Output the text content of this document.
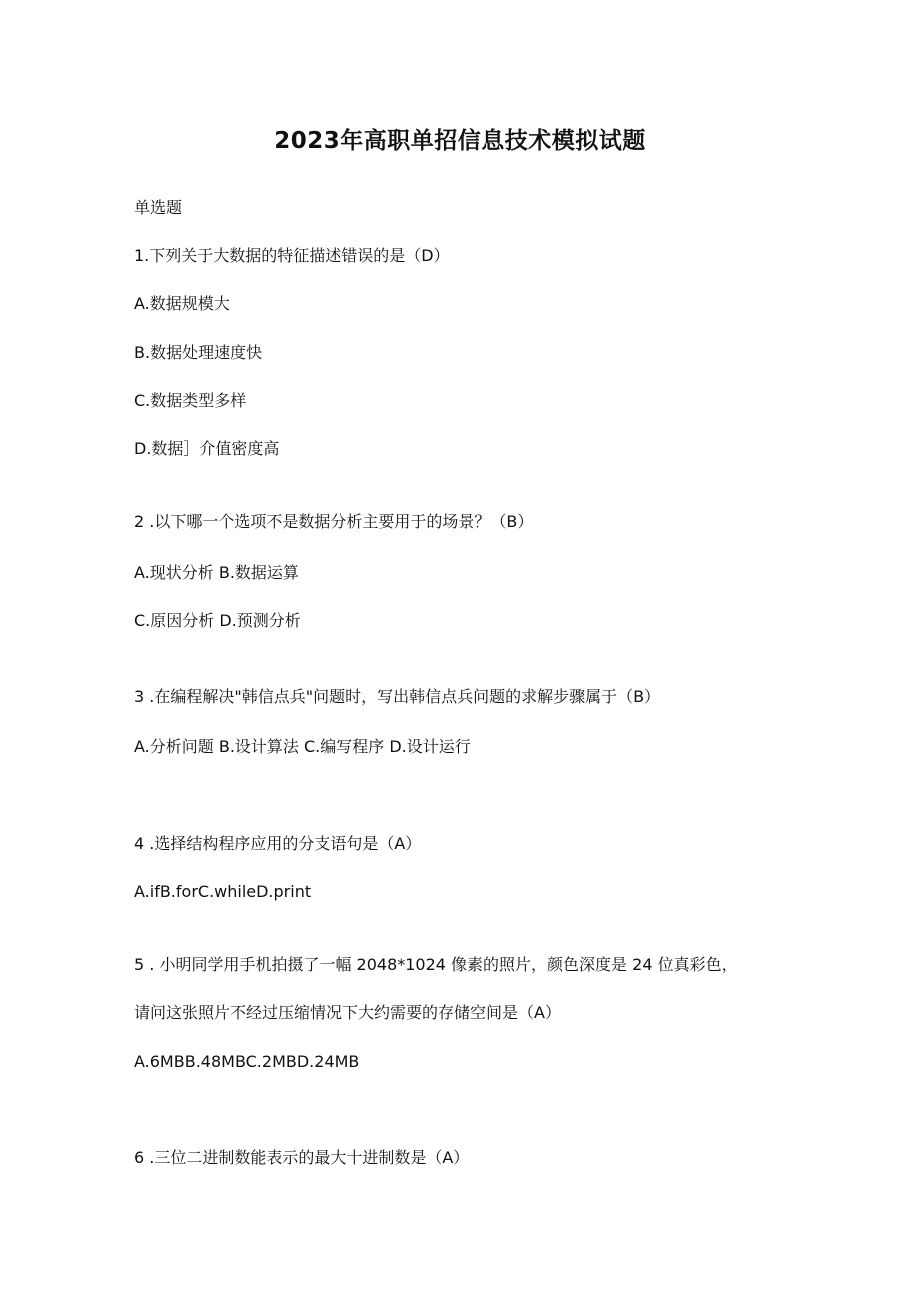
2023年高职单招信息技术模拟试题
单选题
1.下列关于大数据的特征描述错误的是（D）
A.数据规模大
B.数据处理速度快
C.数据类型多样
D.数据］介值密度高
2 .以下哪一个选项不是数据分析主要用于的场景？（B）
A.现状分析 B.数据运算
C.原因分析 D.预测分析
3 .在编程解决"韩信点兵"问题时，写出韩信点兵问题的求解步骤属于（B）
A.分析问题 B.设计算法 C.编写程序 D.设计运行
4 .选择结构程序应用的分支语句是（A）
A.ifB.forC.whileD.print
5 . 小明同学用手机拍摄了一幅 2048*1024 像素的照片，颜色深度是 24 位真彩色，
请问这张照片不经过压缩情况下大约需要的存储空间是（A）
A.6MBB.48MBC.2MBD.24MB
6 .三位二进制数能表示的最大十进制数是（A）
